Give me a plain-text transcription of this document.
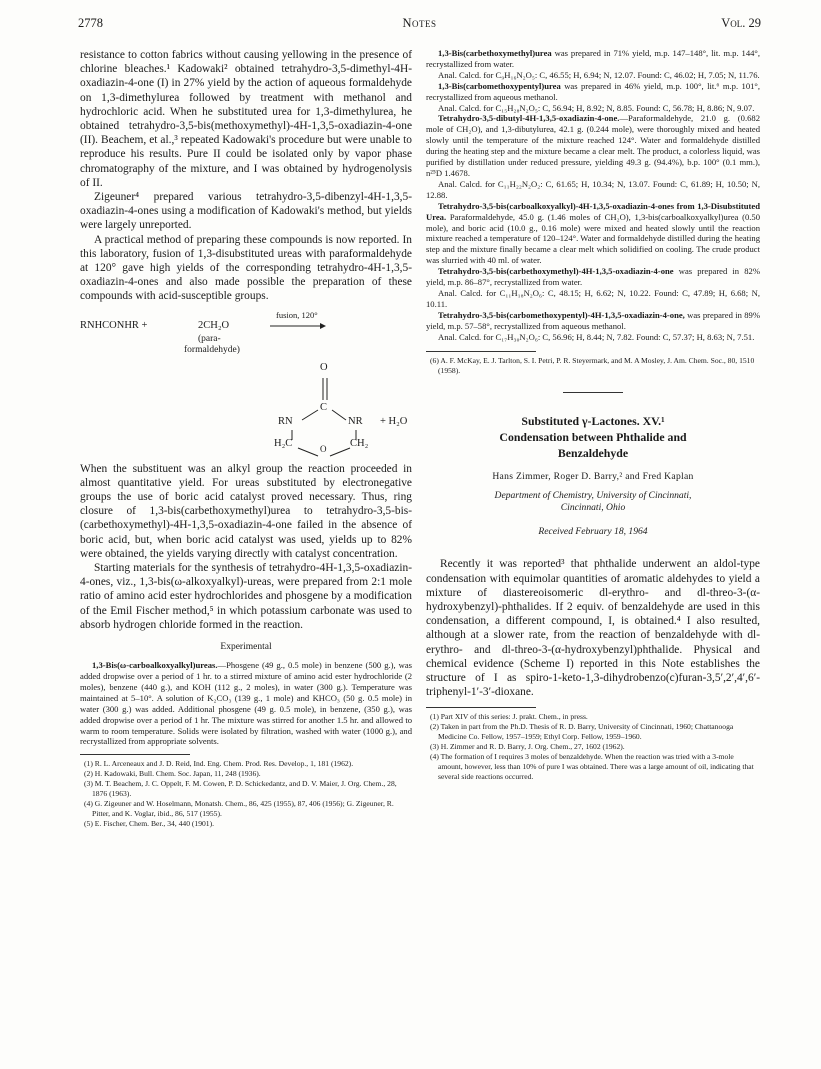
2778	Notes	Vol. 29

resistance to cotton fabrics without causing yellowing in the presence of chlorine bleaches.¹ Kadowaki² obtained tetrahydro-3,5-dimethyl-4H-oxadiazin-4-one (I) in 27% yield by the action of aqueous formaldehyde on 1,3-dimethylurea followed by treatment with methanol and hydrochloric acid. When he substituted urea for 1,3-dimethylurea, he obtained tetrahydro-3,5-bis(methoxymethyl)-4H-1,3,5-oxadiazin-4-one (II). Beachem, et al.,³ repeated Kadowaki's procedure but were unable to reproduce his results. Pure II could be isolated only by vapor phase chromatography of the mixture, and I was obtained by hydrogenolysis of II.

Zigeuner⁴ prepared various tetrahydro-3,5-dibenzyl-4H-1,3,5-oxadiazin-4-ones using a modification of Kadowaki's method, but yields were largely unreported.

A practical method of preparing these compounds is now reported. In this laboratory, fusion of 1,3-disubstituted ureas with paraformaldehyde at 120° gave high yields of the corresponding tetrahydro-4H-1,3,5-oxadiazin-4-ones and also made possible the preparation of these compounds with acid-susceptible groups.

RNHCONHR +	2CH₂O
(para-
formaldehyde)
fusion, 120°
O
C
RN	NR + H₂O
H₂C	CH₂
O

When the substituent was an alkyl group the reaction proceeded in almost quantitative yield. For ureas substituted by electronegative groups the use of boric acid catalyst proved necessary. Thus, ring closure of 1,3-bis(carbethoxymethyl)urea to tetrahydro-3,5-bis-(carbethoxymethyl)-4H-1,3,5-oxadiazin-4-one failed in the absence of boric acid, but, when boric acid catalyst was used, yields up to 82% were obtained, the yields varying directly with catalyst concentration.

Starting materials for the synthesis of tetrahydro-4H-1,3,5-oxadiazin-4-ones, viz., 1,3-bis(ω-alkoxyalkyl)-ureas, were prepared from 2:1 mole ratio of amino acid ester hydrochlorides and phosgene by a modification of the Emil Fischer method,⁵ in which potassium carbonate was used to absorb hydrogen chloride formed in the reaction.

Experimental

1,3-Bis(ω-carboalkoxyalkyl)ureas.—Phosgene (49 g., 0.5 mole) in benzene (500 g.), was added dropwise over a period of 1 hr. to a stirred mixture of amino acid ester hydrochloride (2 moles), benzene (440 g.), and KOH (112 g., 2 moles), in water (300 g.). Temperature was maintained at 5–10°. A solution of K₂CO₃ (139 g., 1 mole) and KHCO₃ (50 g. 0.5 mole) in water (300 g.) was added. Additional phosgene (49 g. 0.5 mole), in benzene, (350 g.), was added dropwise over a period of 1 hr. The mixture was stirred for another 1.5 hr. and allowed to warm to room temperature. Solids were isolated by filtration, washed with water (1000 g.), and recrystallized from appropriate solvents.

(1) R. L. Arceneaux and J. D. Reid, Ind. Eng. Chem. Prod. Res. Develop., 1, 181 (1962).

(2) H. Kadowaki, Bull. Chem. Soc. Japan, 11, 248 (1936).

(3) M. T. Beachem, J. C. Oppelt, F. M. Cowen, P. D. Schickedantz, and D. V. Maier, J. Org. Chem., 28, 1876 (1963).

(4) G. Zigeuner and W. Hoselmann, Monatsh. Chem., 86, 425 (1955), 87, 406 (1956); G. Zigeuner, R. Pitter, and K. Voglar, ibid., 86, 517 (1955).

(5) E. Fischer, Chem. Ber., 34, 440 (1901).

1,3-Bis(carbethoxymethyl)urea was prepared in 71% yield, m.p. 147–148°, lit. m.p. 144°, recrystallized from water.

Anal. Calcd. for C₉H₁₆N₂O₅: C, 46.55; H, 6.94; N, 12.07. Found: C, 46.02; H, 7.05; N, 11.76.

1,3-Bis(carbomethoxypentyl)urea was prepared in 46% yield, m.p. 100°, lit.⁶ m.p. 101°, recrystallized from aqueous methanol.

Anal. Calcd. for C₁₅H₂₈N₂O₅: C, 56.94; H, 8.92; N, 8.85. Found: C, 56.78; H, 8.86; N, 9.07.

Tetrahydro-3,5-dibutyl-4H-1,3,5-oxadiazin-4-one.—Paraformaldehyde, 21.0 g. (0.682 mole of CH₂O), and 1,3-dibutylurea, 42.1 g. (0.244 mole), were thoroughly mixed and heated slowly until the temperature of the mixture reached 124°. Water and formaldehyde distilled during the heating step and the mixture became a clear melt. The product, a colorless liquid, was purified by distillation under reduced pressure, yielding 49.3 g. (94.4%), b.p. 100° (0.1 mm.), n²⁵D 1.4678.

Anal. Calcd. for C₁₁H₂₂N₂O₂: C, 61.65; H, 10.34; N, 13.07. Found: C, 61.89; H, 10.50; N, 12.88.

Tetrahydro-3,5-bis(carboalkoxyalkyl)-4H-1,3,5-oxadiazin-4-ones from 1,3-Disubstituted Urea. Paraformaldehyde, 45.0 g. (1.46 moles of CH₂O), 1,3-bis(carboalkoxyalkyl)urea (0.50 mole), and boric acid (10.0 g., 0.16 mole) were mixed and heated slowly until the reaction mixture reached a temperature of 120–124°. Water and formaldehyde distilled during the heating step and the mixture finally became a clear melt which solidified on cooling. The crude product was slurried with 40 ml. of water.

Tetrahydro-3,5-bis(carbethoxymethyl)-4H-1,3,5-oxadiazin-4-one was prepared in 82% yield, m.p. 86–87°, recrystallized from water.

Anal. Calcd. for C₁₁H₁₈N₂O₆: C, 48.15; H, 6.62; N, 10.22. Found: C, 47.89; H, 6.68; N, 10.11.

Tetrahydro-3,5-bis(carbomethoxypentyl)-4H-1,3,5-oxadiazin-4-one, was prepared in 89% yield, m.p. 57–58°, recrystallized from aqueous methanol.

Anal. Calcd. for C₁₇H₃₀N₂O₆: C, 56.96; H, 8.44; N, 7.82. Found: C, 57.37; H, 8.63; N, 7.51.

(6) A. F. McKay, E. J. Tarlton, S. I. Petri, P. R. Steyermark, and M. A Mosley, J. Am. Chem. Soc., 80, 1510 (1958).

Substituted γ-Lactones. XV.¹
Condensation between Phthalide and
Benzaldehyde
Hans Zimmer, Roger D. Barry,² and Fred Kaplan
Department of Chemistry, University of Cincinnati,
Cincinnati, Ohio
Received February 18, 1964

Recently it was reported³ that phthalide underwent an aldol-type condensation with equimolar quantities of aromatic aldehydes to yield a mixture of diastereoisomeric dl-erythro- and dl-threo-3-(α-hydroxybenzyl)-phthalides. If 2 equiv. of benzaldehyde are used in this condensation, a different compound, I, is obtained.⁴ I also resulted, although at a slower rate, from the reaction of benzaldehyde with dl-erythro- and dl-threo-3-(α-hydroxybenzyl)phthalide. Physical and chemical evidence (Scheme I) reported in this Note establishes the structure of I as spiro-1-keto-1,3-dihydrobenzo(c)furan-3,5′,2′,4′,6′-triphenyl-1′-3′-dioxane.

(1) Part XIV of this series: J. prakt. Chem., in press.

(2) Taken in part from the Ph.D. Thesis of R. D. Barry, University of Cincinnati, 1960; Chattanooga Medicine Co. Fellow, 1957–1959; Ethyl Corp. Fellow, 1959–1960.

(3) H. Zimmer and R. D. Barry, J. Org. Chem., 27, 1602 (1962).

(4) The formation of I requires 3 moles of benzaldehyde. When the reaction was tried with a 3-mole amount, however, less than 10% of pure I was obtained. There was a large amount of oil, indicating that several side reactions occurred.
